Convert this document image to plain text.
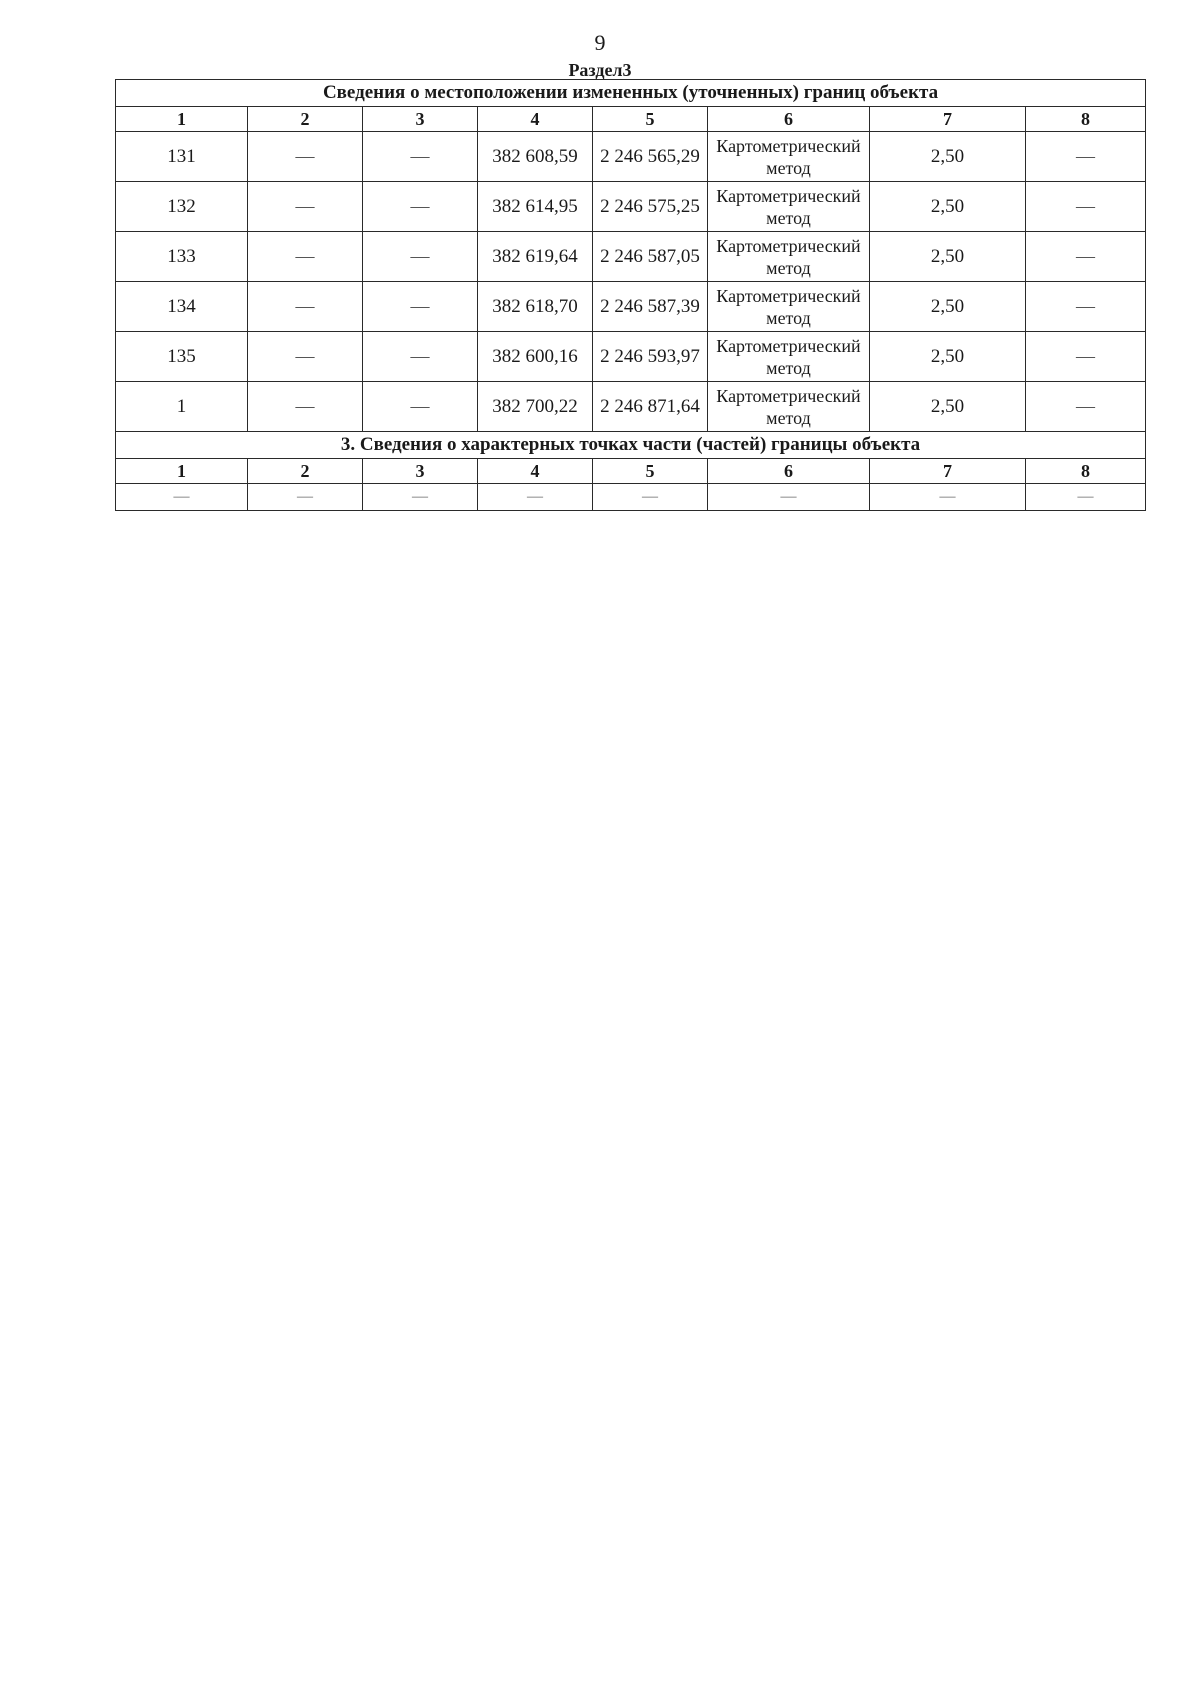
9
Раздел3
Сведения о местоположении измененных (уточненных) границ объекта							
1	2	3	4	5	6	7	8
131	—	—	382 608,59	2 246 565,29	Картометрический метод	2,50	—
132	—	—	382 614,95	2 246 575,25	Картометрический метод	2,50	—
133	—	—	382 619,64	2 246 587,05	Картометрический метод	2,50	—
134	—	—	382 618,70	2 246 587,39	Картометрический метод	2,50	—
135	—	—	382 600,16	2 246 593,97	Картометрический метод	2,50	—
1	—	—	382 700,22	2 246 871,64	Картометрический метод	2,50	—
3. Сведения о характерных точках части (частей) границы объекта							
1	2	3	4	5	6	7	8
—	—	—	—	—	—	—	—
